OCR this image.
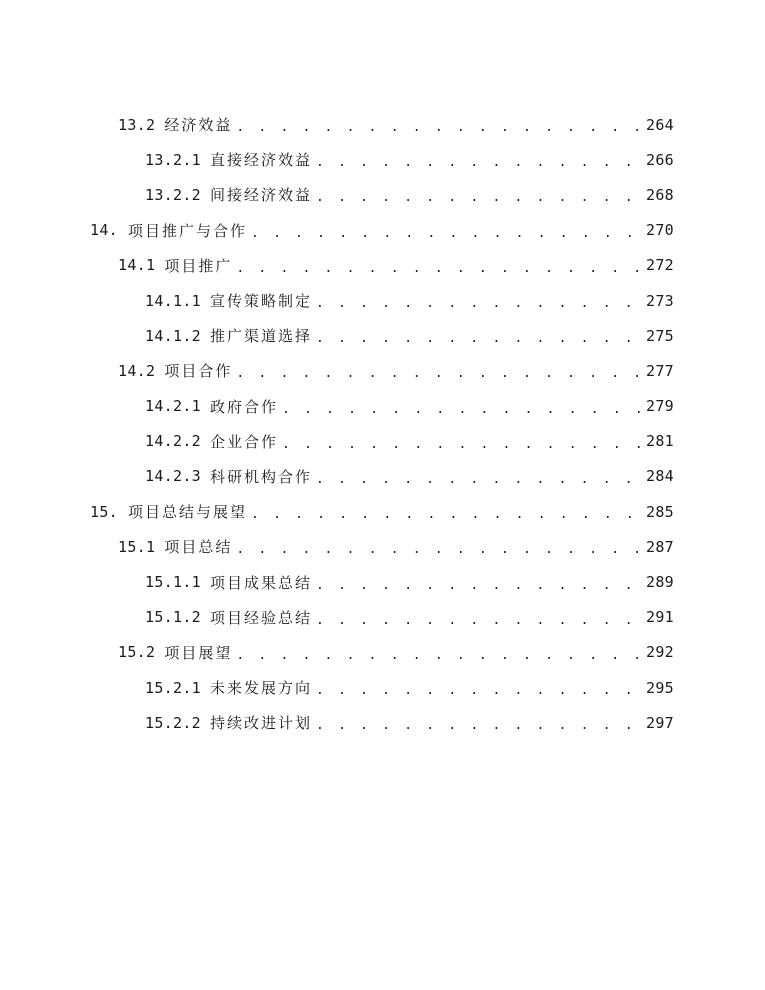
13.2 经济效益 . . .	264
13.2.1 直接经济效益 . . .	266
13.2.2 间接经济效益 . . .	268
14. 项目推广与合作 . . .	270
14.1 项目推广 . . .	272
14.1.1 宣传策略制定 . . .	273
14.1.2 推广渠道选择 . . .	275
14.2 项目合作 . . .	277
14.2.1 政府合作 . . .	279
14.2.2 企业合作 . . .	281
14.2.3 科研机构合作 . . .	284
15. 项目总结与展望 . . .	285
15.1 项目总结 . . .	287
15.1.1 项目成果总结 . . .	289
15.1.2 项目经验总结 . . .	291
15.2 项目展望 . . .	292
15.2.1 未来发展方向 . . .	295
15.2.2 持续改进计划 . . .	297
